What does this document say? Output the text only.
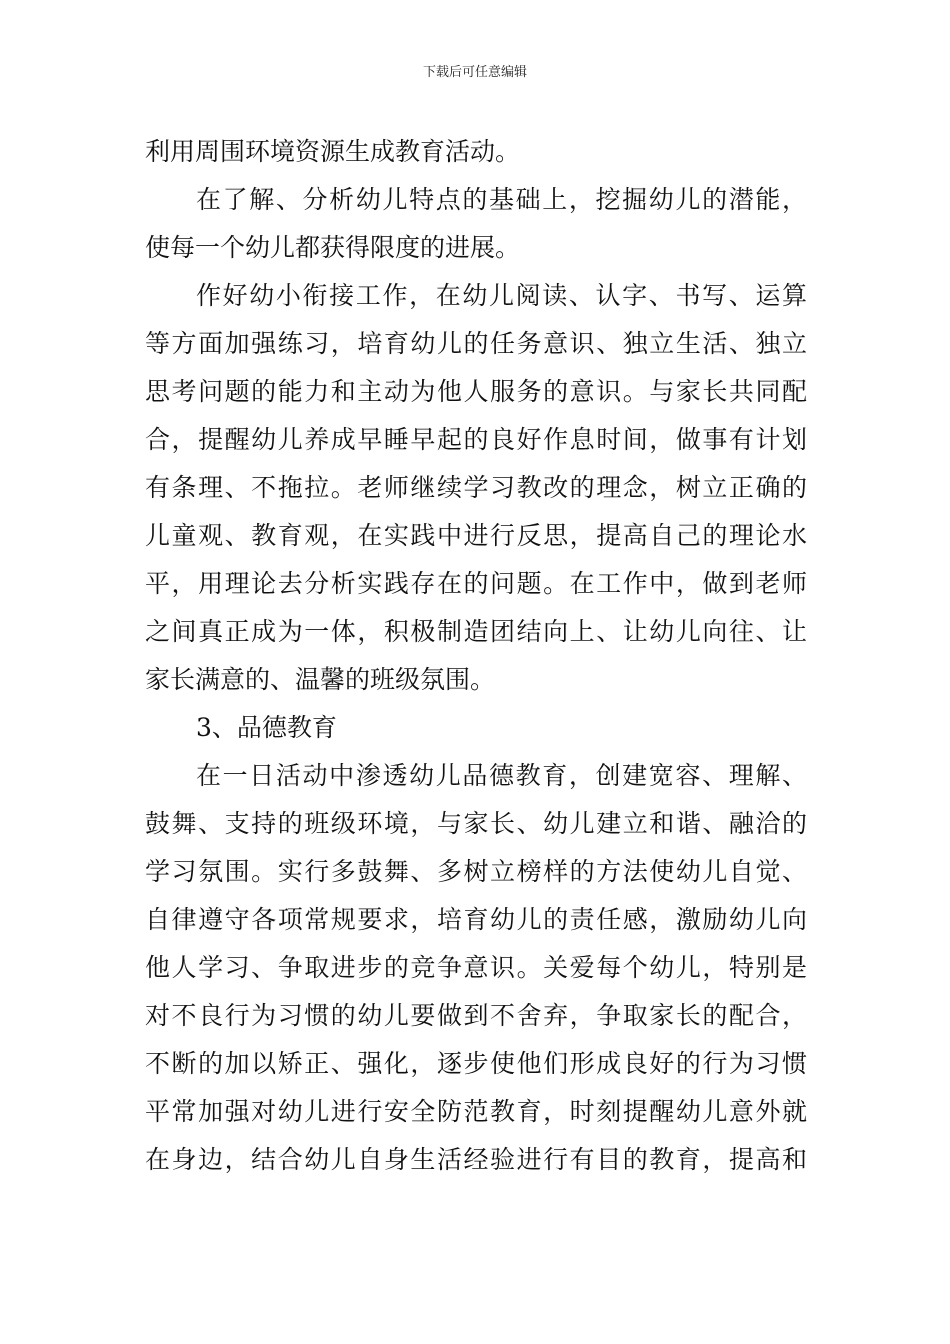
下载后可任意编辑
利用周围环境资源生成教育活动。
在了解、分析幼儿特点的基础上，挖掘幼儿的潜能，
使每一个幼儿都获得限度的进展。
作好幼小衔接工作，在幼儿阅读、认字、书写、运算
等方面加强练习，培育幼儿的任务意识、独立生活、独立
思考问题的能力和主动为他人服务的意识。与家长共同配
合，提醒幼儿养成早睡早起的良好作息时间，做事有计划
有条理、不拖拉。老师继续学习教改的理念，树立正确的
儿童观、教育观，在实践中进行反思，提高自己的理论水
平，用理论去分析实践存在的问题。在工作中，做到老师
之间真正成为一体，积极制造团结向上、让幼儿向往、让
家长满意的、温馨的班级氛围。
3、品德教育
在一日活动中渗透幼儿品德教育，创建宽容、理解、
鼓舞、支持的班级环境，与家长、幼儿建立和谐、融洽的
学习氛围。实行多鼓舞、多树立榜样的方法使幼儿自觉、
自律遵守各项常规要求，培育幼儿的责任感，激励幼儿向
他人学习、争取进步的竞争意识。关爱每个幼儿，特别是
对不良行为习惯的幼儿要做到不舍弃，争取家长的配合，
不断的加以矫正、强化，逐步使他们形成良好的行为习惯
平常加强对幼儿进行安全防范教育，时刻提醒幼儿意外就
在身边，结合幼儿自身生活经验进行有目的教育，提高和
